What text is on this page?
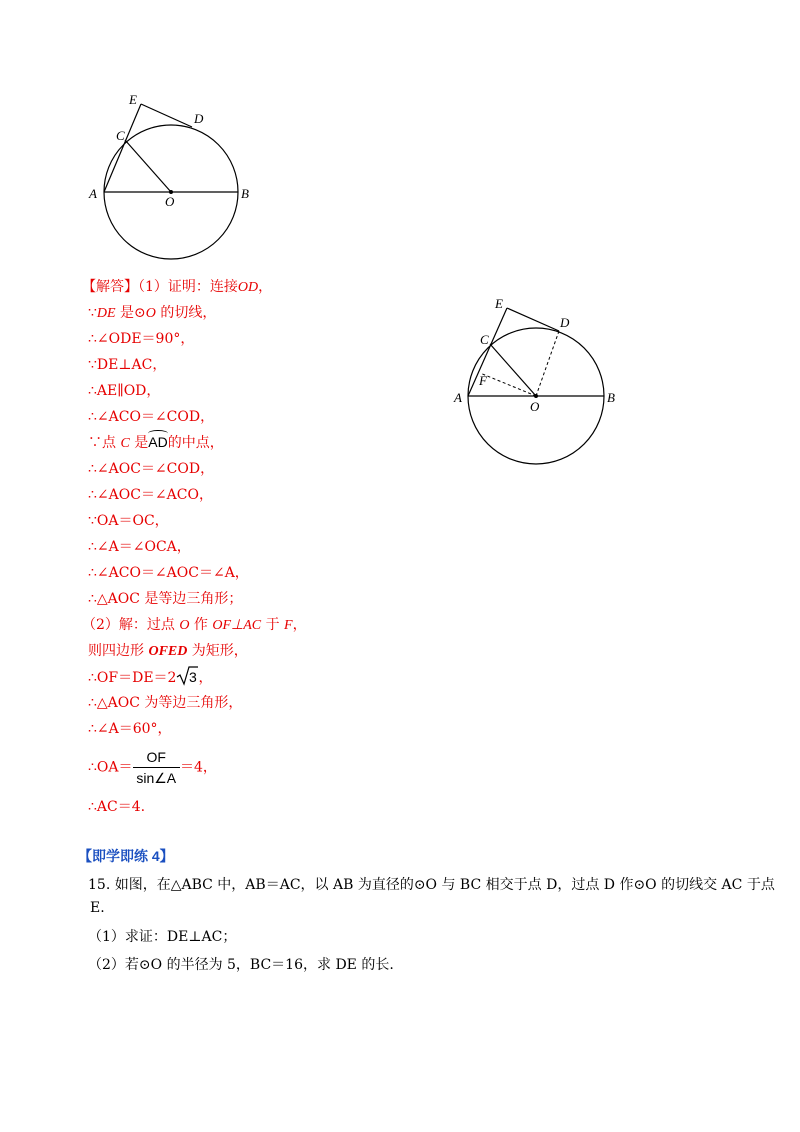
E
D
C
A
O
B
E
D
C
F
A
O
B
【解答】（1）证明：连接OD，
∵DE 是⊙O 的切线，
∴∠ODE＝90°，
∵DE⊥AC，
∴AE∥OD，
∴∠ACO＝∠COD，
∵点 C 是AD的中点，
∴∠AOC＝∠COD，
∴∠AOC＝∠ACO，
∵OA＝OC，
∴∠A＝∠OCA，
∴∠ACO＝∠AOC＝∠A，
∴△AOC 是等边三角形；
（2）解：过点 O 作 OF⊥AC 于 F，
则四边形 OFED 为矩形，
∴OF＝DE＝2 3 ，
∴△AOC 为等边三角形，
∴∠A＝60°，
∴OA＝ $\frac{OF}{\sin\angle A} =4$，
∴AC＝4.
【即学即练 4】
15. 如图，在△ABC 中，AB＝AC，以 AB 为直径的⊙O 与 BC 相交于点 D，过点 D 作⊙O 的切线交 AC 于点
E.
（1）求证：DE⊥AC；
（2）若⊙O 的半径为 5，BC＝16，求 DE 的长.
